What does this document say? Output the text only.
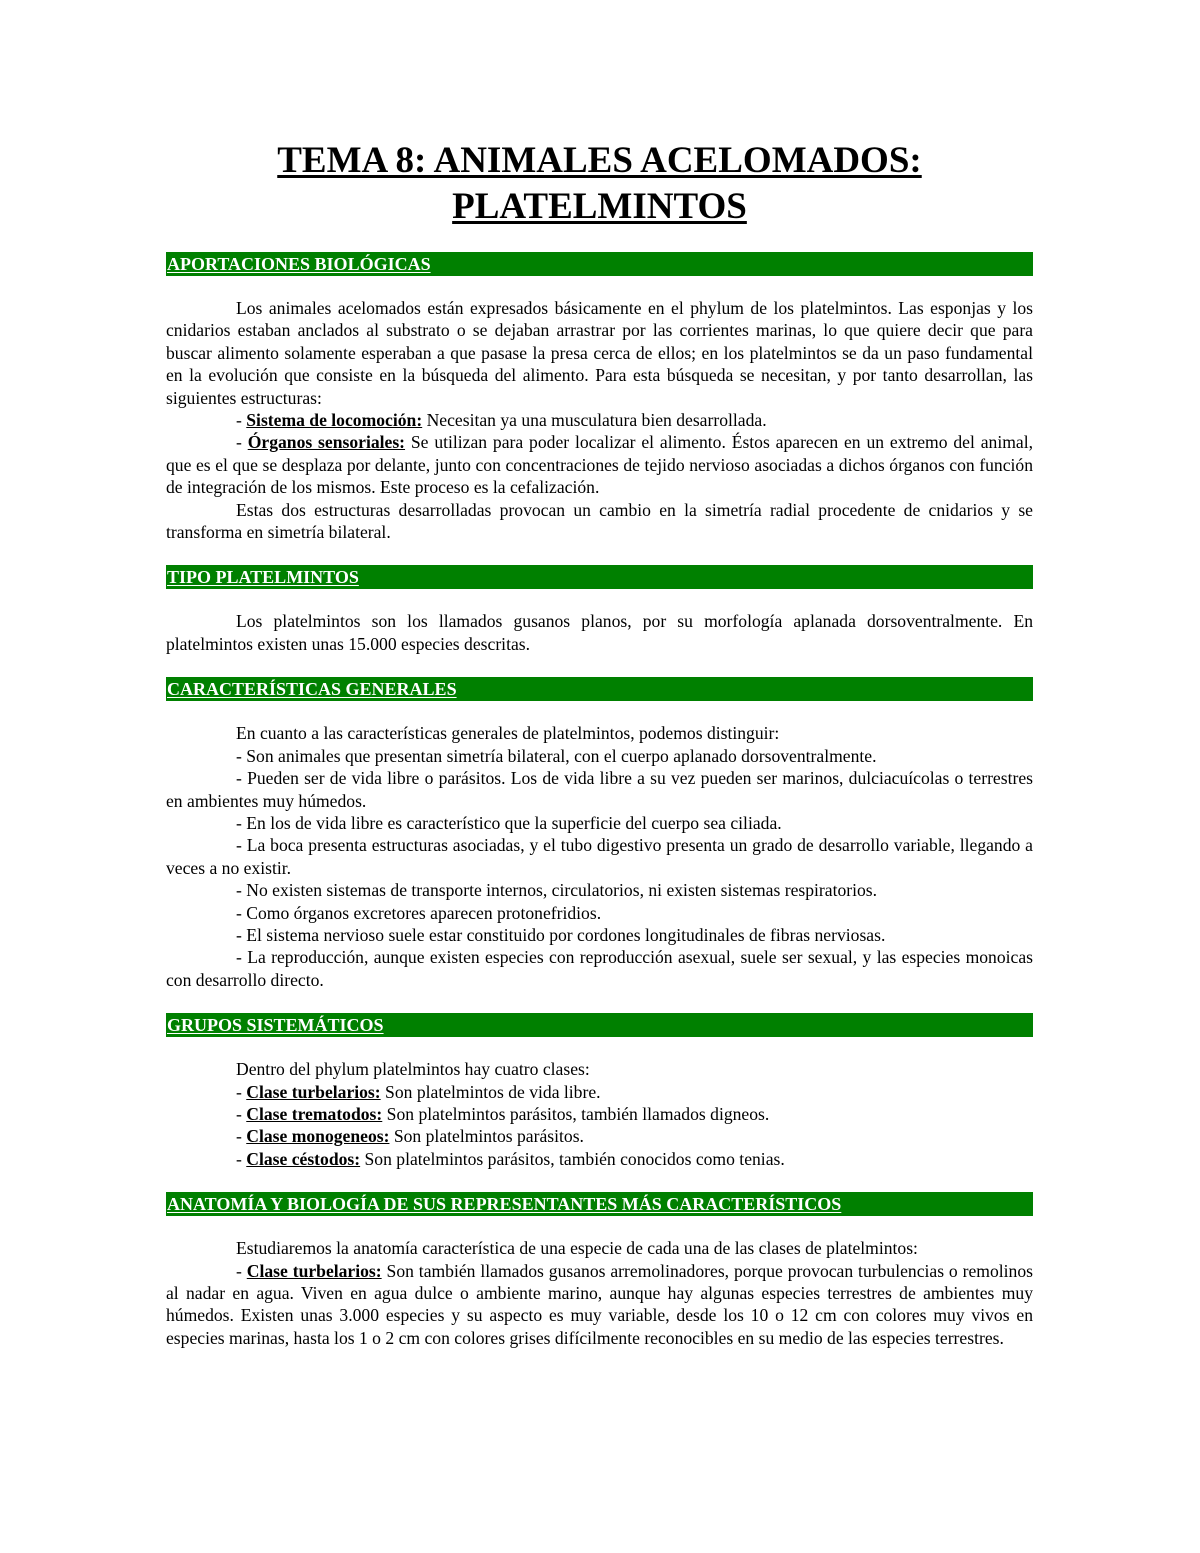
TEMA 8: ANIMALES ACELOMADOS:
PLATELMINTOS
APORTACIONES BIOLÓGICAS

Los animales acelomados están expresados básicamente en el phylum de los platelmintos. Las esponjas y los cnidarios estaban anclados al substrato o se dejaban arrastrar por las corrientes marinas, lo que quiere decir que para buscar alimento solamente esperaban a que pasase la presa cerca de ellos; en los platelmintos se da un paso fundamental en la evolución que consiste en la búsqueda del alimento. Para esta búsqueda se necesitan, y por tanto desarrollan, las siguientes estructuras:

- Sistema de locomoción: Necesitan ya una musculatura bien desarrollada.

- Órganos sensoriales: Se utilizan para poder localizar el alimento. Éstos aparecen en un extremo del animal, que es el que se desplaza por delante, junto con concentraciones de tejido nervioso asociadas a dichos órganos con función de integración de los mismos. Este proceso es la cefalización.

Estas dos estructuras desarrolladas provocan un cambio en la simetría radial procedente de cnidarios y se transforma en simetría bilateral.

TIPO PLATELMINTOS

Los platelmintos son los llamados gusanos planos, por su morfología aplanada dorsoventralmente. En platelmintos existen unas 15.000 especies descritas.

CARACTERÍSTICAS GENERALES

En cuanto a las características generales de platelmintos, podemos distinguir:

- Son animales que presentan simetría bilateral, con el cuerpo aplanado dorsoventralmente.

- Pueden ser de vida libre o parásitos. Los de vida libre a su vez pueden ser marinos, dulciacuícolas o terrestres en ambientes muy húmedos.

- En los de vida libre es característico que la superficie del cuerpo sea ciliada.

- La boca presenta estructuras asociadas, y el tubo digestivo presenta un grado de desarrollo variable, llegando a veces a no existir.

- No existen sistemas de transporte internos, circulatorios, ni existen sistemas respiratorios.

- Como órganos excretores aparecen protonefridios.

- El sistema nervioso suele estar constituido por cordones longitudinales de fibras nerviosas.

- La reproducción, aunque existen especies con reproducción asexual, suele ser sexual, y las especies monoicas con desarrollo directo.

GRUPOS SISTEMÁTICOS

Dentro del phylum platelmintos hay cuatro clases:

- Clase turbelarios: Son platelmintos de vida libre.

- Clase trematodos: Son platelmintos parásitos, también llamados digneos.

- Clase monogeneos: Son platelmintos parásitos.

- Clase céstodos: Son platelmintos parásitos, también conocidos como tenias.

ANATOMÍA Y BIOLOGÍA DE SUS REPRESENTANTES MÁS CARACTERÍSTICOS

Estudiaremos la anatomía característica de una especie de cada una de las clases de platelmintos:

- Clase turbelarios: Son también llamados gusanos arremolinadores, porque provocan turbulencias o remolinos al nadar en agua. Viven en agua dulce o ambiente marino, aunque hay algunas especies terrestres de ambientes muy húmedos. Existen unas 3.000 especies y su aspecto es muy variable, desde los 10 o 12 cm con colores muy vivos en especies marinas, hasta los 1 o 2 cm con colores grises difícilmente reconocibles en su medio de las especies terrestres.
